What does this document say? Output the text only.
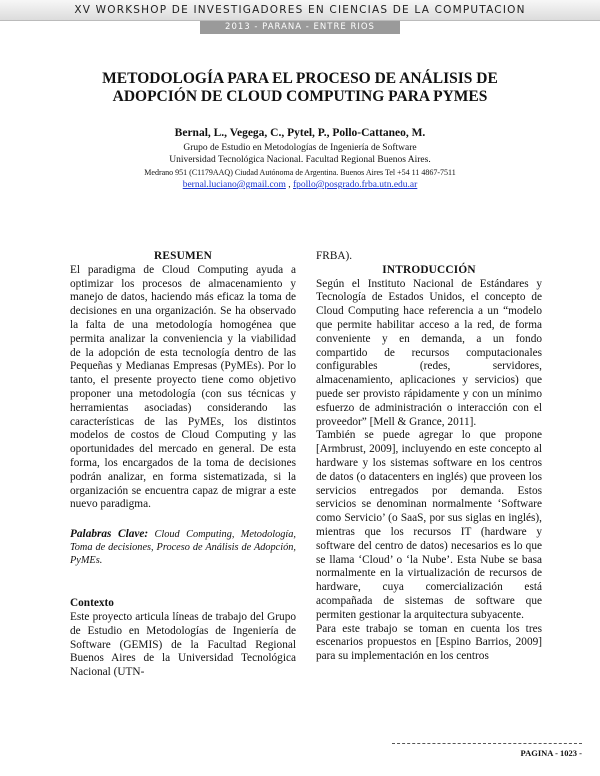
XV WORKSHOP DE INVESTIGADORES EN CIENCIAS DE LA COMPUTACION
2013 - PARANA - ENTRE RIOS
METODOLOGÍA PARA EL PROCESO DE ANÁLISIS DE ADOPCIÓN DE CLOUD COMPUTING PARA PYMES
Bernal, L., Vegega, C., Pytel, P., Pollo-Cattaneo, M.
Grupo de Estudio en Metodologías de Ingeniería de Software
Universidad Tecnológica Nacional. Facultad Regional Buenos Aires.
Medrano 951 (C1179AAQ) Ciudad Autónoma de Argentina. Buenos Aires Tel +54 11 4867-7511
bernal.luciano@gmail.com , fpollo@posgrado.frba.utn.edu.ar
RESUMEN

El paradigma de Cloud Computing ayuda a optimizar los procesos de almacenamiento y manejo de datos, haciendo más eficaz la toma de decisiones en una organización. Se ha observado la falta de una metodología homogénea que permita analizar la conveniencia y la viabilidad de la adopción de esta tecnología dentro de las Pequeñas y Medianas Empresas (PyMEs). Por lo tanto, el presente proyecto tiene como objetivo proponer una metodología (con sus técnicas y herramientas asociadas) considerando las características de las PyMEs, los distintos modelos de costos de Cloud Computing y las oportunidades del mercado en general. De esta forma, los encargados de la toma de decisiones podrán analizar, en forma sistematizada, si la organización se encuentra capaz de migrar a este nuevo paradigma.

Palabras Clave: Cloud Computing, Metodología, Toma de decisiones, Proceso de Análisis de Adopción, PyMEs.

Contexto

Este proyecto articula líneas de trabajo del Grupo de Estudio en Metodologías de Ingeniería de Software (GEMIS) de la Facultad Regional Buenos Aires de la Universidad Tecnológica Nacional (UTN-

FRBA).

INTRODUCCIÓN

Según el Instituto Nacional de Estándares y Tecnología de Estados Unidos, el concepto de Cloud Computing hace referencia a un “modelo que permite habilitar acceso a la red, de forma conveniente y en demanda, a un fondo compartido de recursos computacionales configurables (redes, servidores, almacenamiento, aplicaciones y servicios) que puede ser provisto rápidamente y con un mínimo esfuerzo de administración o interacción con el proveedor” [Mell & Grance, 2011].

También se puede agregar lo que propone [Armbrust, 2009], incluyendo en este concepto al hardware y los sistemas software en los centros de datos (o datacenters en inglés) que proveen los servicios entregados por demanda. Estos servicios se denominan normalmente ‘Software como Servicio’ (o SaaS, por sus siglas en inglés), mientras que los recursos IT (hardware y software del centro de datos) necesarios es lo que se llama ‘Cloud’ o ‘la Nube’. Esta Nube se basa normalmente en la virtualización de recursos de hardware, cuya comercialización está acompañada de sistemas de software que permiten gestionar la arquitectura subyacente.

Para este trabajo se toman en cuenta los tres escenarios propuestos en [Espino Barrios, 2009] para su implementación en los centros

PAGINA - 1023 -
